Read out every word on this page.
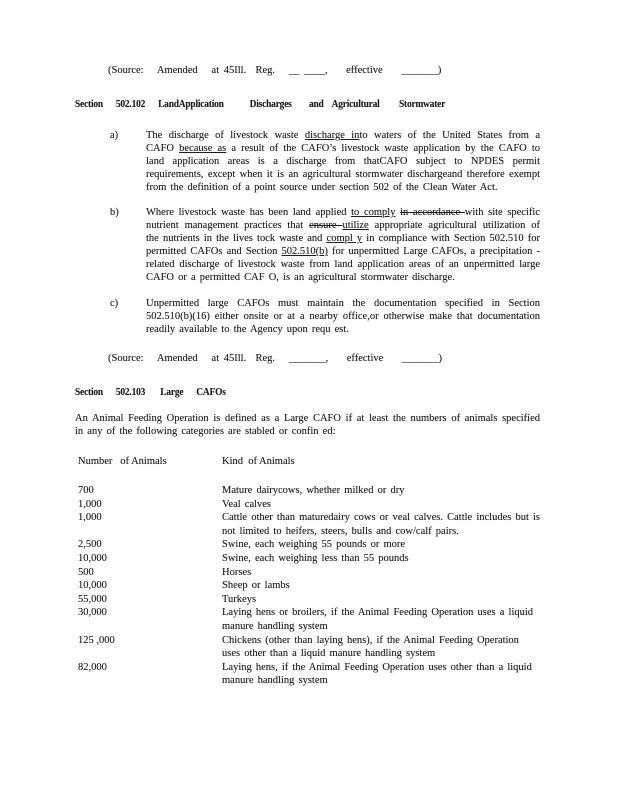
(Source:   Amended   at 45Ill.  Reg.   __ ____,    effective    _______)

Section      502.102      LandApplication            Discharges        and    Agricultural         Stormwater
a)	The discharge of livestock waste discharge into waters of the United States from a CAFO because as a result of the CAFO’s livestock waste application by the CAFO to land application areas is a discharge from thatCAFO subject to NPDES permit requirements, except when it is an agricultural stormwater dischargeand therefore exempt from the definition of a point source under section 502 of the Clean Water Act.
b)	Where livestock waste has been land applied to comply in accordance with site specific nutrient management practices that ensure utilize appropriate agricultural utilization of the nutrients in the lives tock waste and compl y in compliance with Section 502.510 for permitted CAFOs and Section 502.510(b) for unpermitted Large CAFOs, a precipitation -related discharge of livestock waste from land application areas of an unpermitted large CAFO or a permitted CAF O, is an agricultural stormwater discharge.
c)	Unpermitted large CAFOs must maintain the documentation specified in Section 502.510(b)(16) either onsite or at a nearby office,or otherwise make that documentation readily available to the Agency upon requ est.

(Source:   Amended   at 45Ill.  Reg.   _______,    effective    _______)

Section      502.103       Large      CAFOs

An Animal Feeding Operation is defined as a Large CAFO if at least the numbers of animals specified in any of the following categories are stabled or confin ed:

Number   of Animals	Kind  of Animals
700	Mature dairycows, whether milked or dry
1,000	Veal calves
1,000	Cattle other than maturedairy cows or veal calves. Cattle includes but is not limited to heifers, steers, bulls and cow/calf pairs.
2,500	Swine, each weighing 55 pounds or more
10,000	Swine, each weighing less than 55 pounds
500	Horses
10,000	Sheep or lambs
55,000	Turkeys
30,000	Laying hens or broilers, if the Animal Feeding Operation uses a liquid manure handling system
125 ,000	Chickens (other than laying hens), if the Animal Feeding Operation uses other than a liquid manure handling system
82,000	Laying hens, if the Animal Feeding Operation uses other than a liquid manure handling system
